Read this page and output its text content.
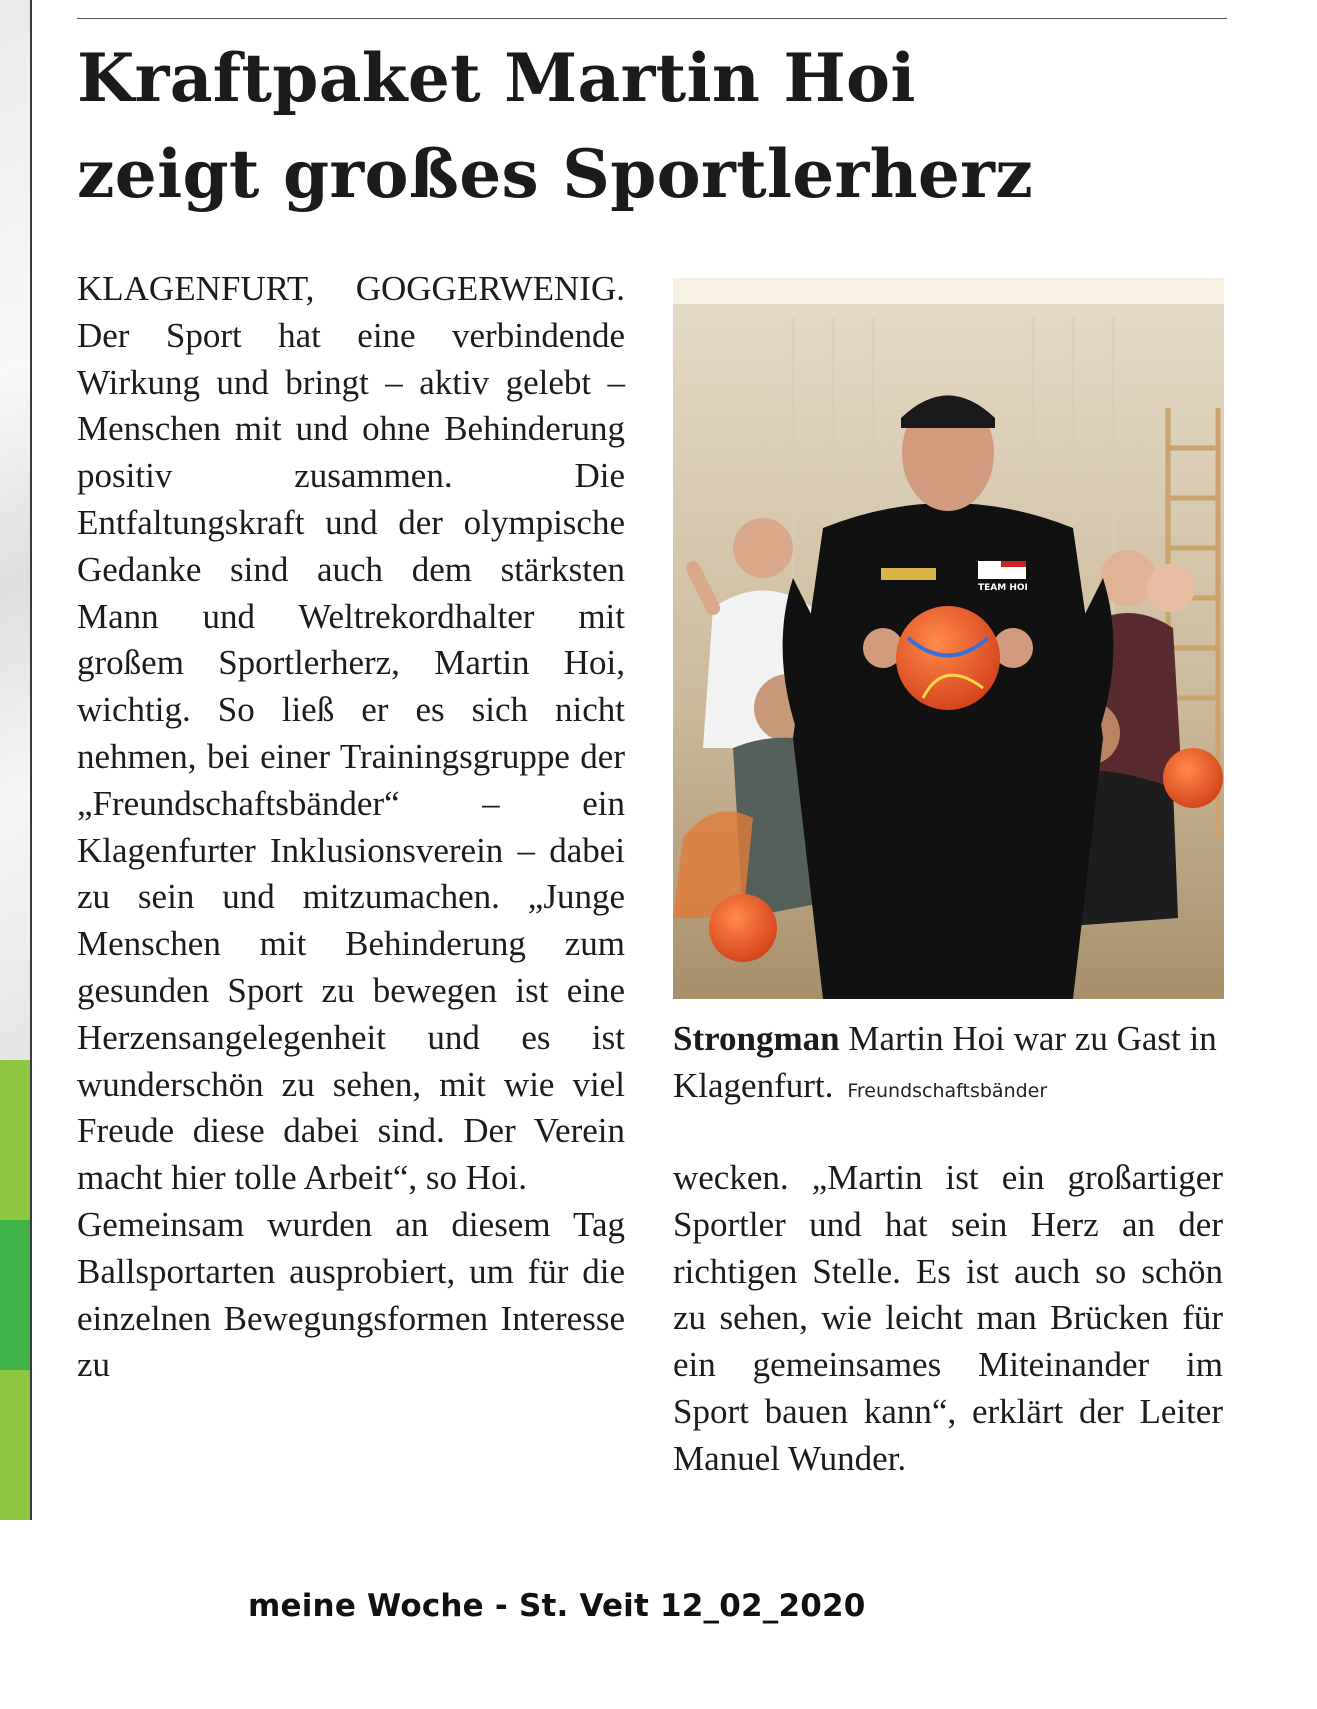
Kraftpaket Martin Hoi
zeigt großes Sportlerherz

KLAGENFURT, GOGGERWENIG. Der Sport hat eine verbindende Wirkung und bringt – aktiv gelebt – Menschen mit und ohne Behinderung positiv zusammen. Die Entfaltungskraft und der olympische Gedanke sind auch dem stärksten Mann und Weltrekordhalter mit großem Sportlerherz, Martin Hoi, wichtig. So ließ er es sich nicht nehmen, bei einer Trainingsgruppe der „Freundschaftsbänder“ – ein Klagenfurter Inklusionsverein – dabei zu sein und mitzumachen. „Junge Menschen mit Behinderung zum gesunden Sport zu bewegen ist eine Herzensangelegenheit und es ist wunderschön zu sehen, mit wie viel Freude diese dabei sind. Der Verein macht hier tolle Arbeit“, so Hoi.

Gemeinsam wurden an diesem Tag Ballsportarten ausprobiert, um für die einzelnen Bewegungsformen Interesse zu

TEAM HOI
Strongman Martin Hoi war zu Gast in Klagenfurt. Freundschaftsbänder

wecken. „Martin ist ein großartiger Sportler und hat sein Herz an der richtigen Stelle. Es ist auch so schön zu sehen, wie leicht man Brücken für ein gemeinsames Miteinander im Sport bauen kann“, erklärt der Leiter Manuel Wunder.

meine Woche - St. Veit 12_02_2020
